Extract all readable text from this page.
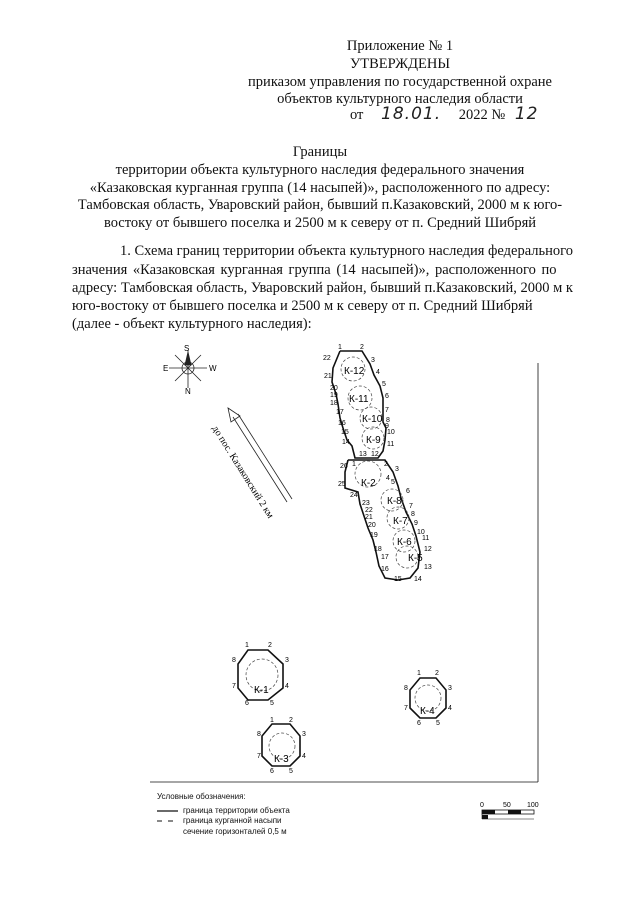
Приложение № 1
УТВЕРЖДЕНЫ
приказом управления по государственной охране
объектов культурного наследия области
от 18.01. 2022 № 12
Границы
территории объекта культурного наследия федерального значения
«Казаковская курганная группа (14 насыпей)», расположенного по адресу:
Тамбовская область, Уваровский район, бывший п.Казаковский, 2000 м к юго-
востоку от бывшего поселка и 2500 м к северу от п. Средний Шибряй
1. Схема границ территории объекта культурного наследия федерального
значения «Казаковская курганная группа (14 насыпей)», расположенного по
адресу: Тамбовская область, Уваровский район, бывший п.Казаковский, 2000 м к
юго-востоку от бывшего поселка и 2500 м к северу от п. Средний Шибряй
(далее - объект культурного наследия):
S
E	W
N
до пос. Казаковский 2 км
К-12
К-11
К-10
К-9
К-2
К-8
К-7
К-6
К-5
1	2
3
4
5
6
7
8
9
10
11
12
13
14
15
16
17
18
19
20
21
22
1	2
3
4
5
6
7
8
9
10
11
12
13
14
15
16
17
18
19
20
21
22
23
24
25
26
К-1
1	2
3
4
5
6
7
8
К-3
1 2
3
4
5
6
7
8
К-4
1 2
3
4
5
6
7
8
0	50 100
Условные обозначения:
граница территории объекта
граница курганной насыпи
сечение горизонталей 0,5 м
